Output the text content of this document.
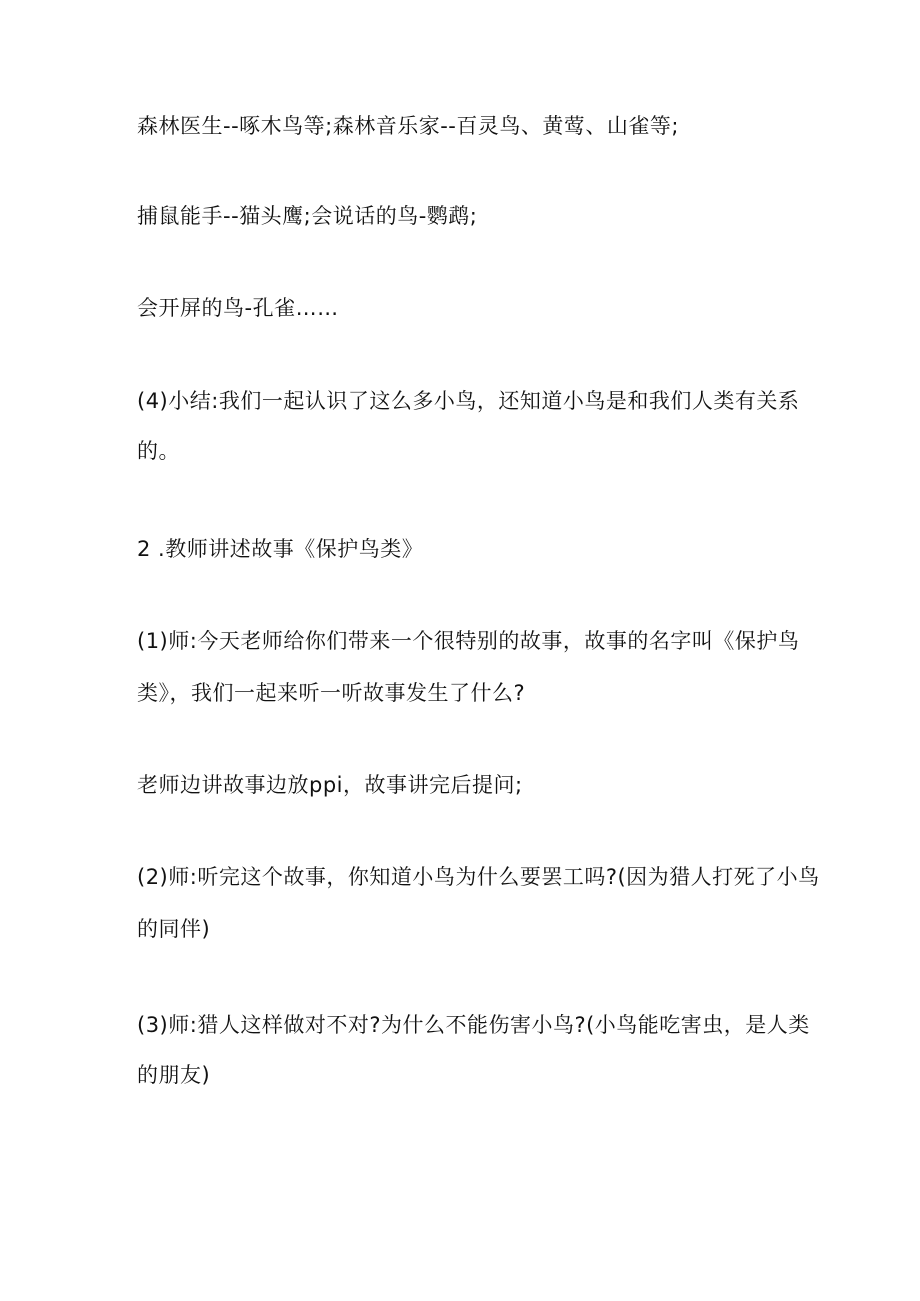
森林医生--啄木鸟等;森林音乐家--百灵鸟、黄莺、山雀等;
捕鼠能手--猫头鹰;会说话的鸟-鹦鹉;
会开屏的鸟-孔雀……
(4)小结:我们一起认识了这么多小鸟，还知道小鸟是和我们人类有关系
的。
2 .教师讲述故事《保护鸟类》
(1)师:今天老师给你们带来一个很特别的故事，故事的名字叫《保护鸟
类》，我们一起来听一听故事发生了什么?
老师边讲故事边放ppi，故事讲完后提问;
(2)师:听完这个故事，你知道小鸟为什么要罢工吗?(因为猎人打死了小鸟
的同伴)
(3)师:猎人这样做对不对?为什么不能伤害小鸟?(小鸟能吃害虫，是人类
的朋友)
